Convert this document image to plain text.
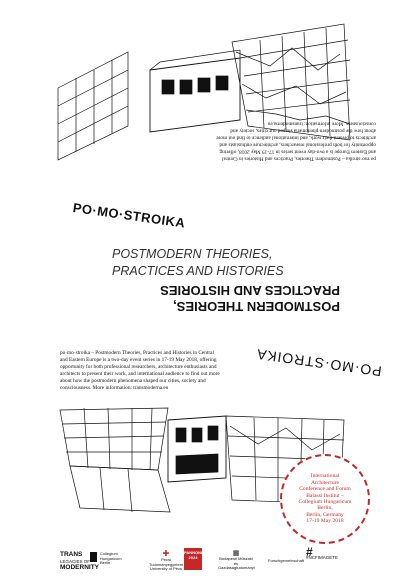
PO·MO·STROIKA
po·mo·stroika – Postmodern Theories, Practices and Histories in Central and Eastern Europe is a two-day event series in 17-19 May 2018, offering opportunity for both professional researchers, architecture enthusiasts and architects to present their work, and international audience to find out more about how the postmodern phenomena shaped our cities, society and consciousness. More information: transmoderna.eu
POSTMODERN THEORIES,
PRACTICES AND HISTORIES
POSTMODERN THEORIES,
PRACTICES AND HISTORIES
PO·MO·STROIKA
po·mo·stroika – Postmodern Theories, Practices and Histories in Central and Eastern Europe is a two-day event series in 17-19 May 2018, offering opportunity for both professional researchers, architecture enthusiasts and architects to present their work, and international audience to find out more about how the postmodern phenomena shaped our cities, society and consciousness. More information: transmoderna.eu
International
Architecture
Conference and Forum
Balassi Institut –
Collegium Hungaricum
Berlin,
Berlin, Germany
17-19 May 2018
TRANS
LEGACIES OF
MODERNITY
Collegium
Hungaricum
Berlin
✚
Pécsi Tudományegyetem
University of Pécs
PANNONIA
2024	▦
Budapesti Műszaki
és Gazdaságtudományi
Forschgemeinschaft
#
#NCFIMAGETE
